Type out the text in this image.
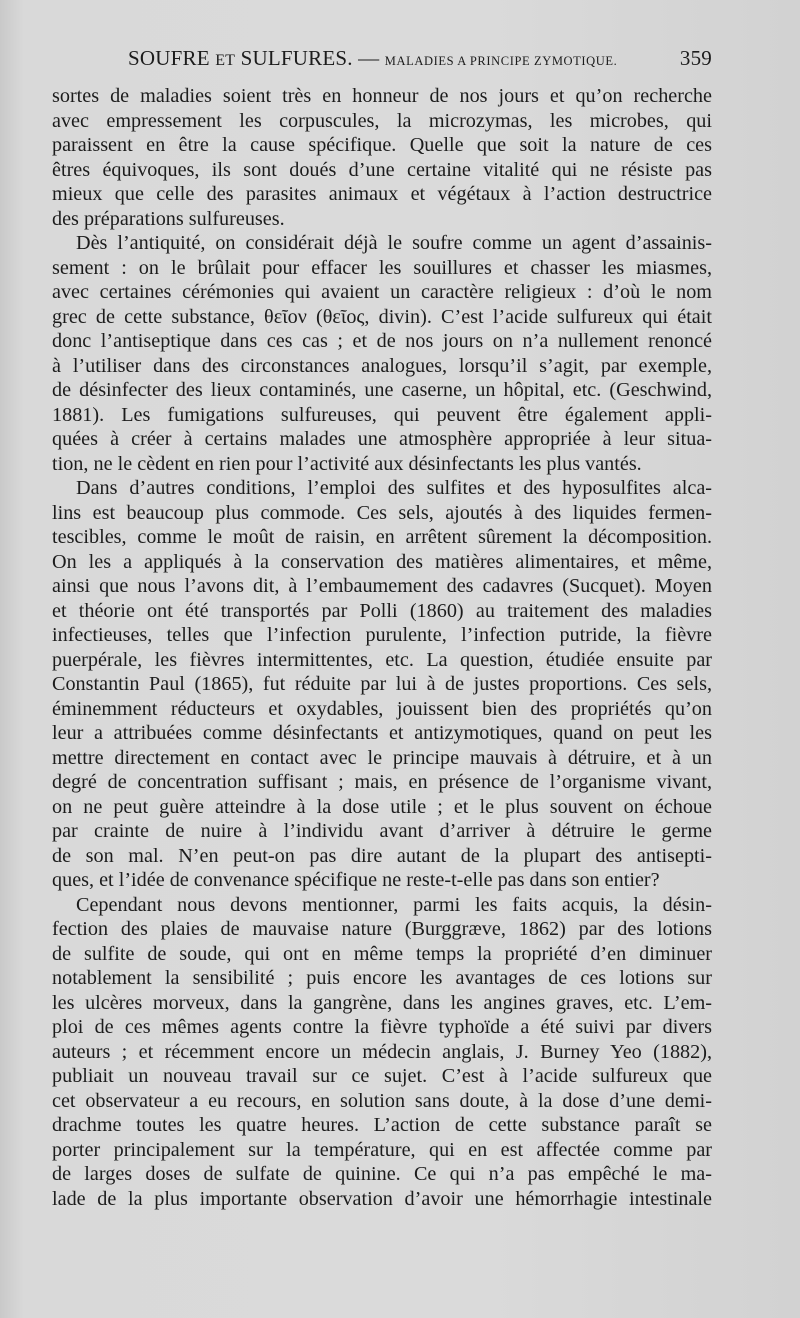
SOUFRE ET SULFURES. — MALADIES A PRINCIPE ZYMOTIQUE.	359
sortes de maladies soient très en honneur de nos jours et qu’on recherche
avec empressement les corpuscules, la microzymas, les microbes, qui
paraissent en être la cause spécifique. Quelle que soit la nature de ces
êtres équivoques, ils sont doués d’une certaine vitalité qui ne résiste pas
mieux que celle des parasites animaux et végétaux à l’action destructrice
des préparations sulfureuses.
Dès l’antiquité, on considérait déjà le soufre comme un agent d’assainis-
sement : on le brûlait pour effacer les souillures et chasser les miasmes,
avec certaines cérémonies qui avaient un caractère religieux : d’où le nom
grec de cette substance, θεῖον (θεῖος, divin). C’est l’acide sulfureux qui était
donc l’antiseptique dans ces cas ; et de nos jours on n’a nullement renoncé
à l’utiliser dans des circonstances analogues, lorsqu’il s’agit, par exemple,
de désinfecter des lieux contaminés, une caserne, un hôpital, etc. (Geschwind,
1881). Les fumigations sulfureuses, qui peuvent être également appli-
quées à créer à certains malades une atmosphère appropriée à leur situa-
tion, ne le cèdent en rien pour l’activité aux désinfectants les plus vantés.
Dans d’autres conditions, l’emploi des sulfites et des hyposulfites alca-
lins est beaucoup plus commode. Ces sels, ajoutés à des liquides fermen-
tescibles, comme le moût de raisin, en arrêtent sûrement la décomposition.
On les a appliqués à la conservation des matières alimentaires, et même,
ainsi que nous l’avons dit, à l’embaumement des cadavres (Sucquet). Moyen
et théorie ont été transportés par Polli (1860) au traitement des maladies
infectieuses, telles que l’infection purulente, l’infection putride, la fièvre
puerpérale, les fièvres intermittentes, etc. La question, étudiée ensuite par
Constantin Paul (1865), fut réduite par lui à de justes proportions. Ces sels,
éminemment réducteurs et oxydables, jouissent bien des propriétés qu’on
leur a attribuées comme désinfectants et antizymotiques, quand on peut les
mettre directement en contact avec le principe mauvais à détruire, et à un
degré de concentration suffisant ; mais, en présence de l’organisme vivant,
on ne peut guère atteindre à la dose utile ; et le plus souvent on échoue
par crainte de nuire à l’individu avant d’arriver à détruire le germe
de son mal. N’en peut-on pas dire autant de la plupart des antisepti-
ques, et l’idée de convenance spécifique ne reste-t-elle pas dans son entier?
Cependant nous devons mentionner, parmi les faits acquis, la désin-
fection des plaies de mauvaise nature (Burggræve, 1862) par des lotions
de sulfite de soude, qui ont en même temps la propriété d’en diminuer
notablement la sensibilité ; puis encore les avantages de ces lotions sur
les ulcères morveux, dans la gangrène, dans les angines graves, etc. L’em-
ploi de ces mêmes agents contre la fièvre typhoïde a été suivi par divers
auteurs ; et récemment encore un médecin anglais, J. Burney Yeo (1882),
publiait un nouveau travail sur ce sujet. C’est à l’acide sulfureux que
cet observateur a eu recours, en solution sans doute, à la dose d’une demi-
drachme toutes les quatre heures. L’action de cette substance paraît se
porter principalement sur la température, qui en est affectée comme par
de larges doses de sulfate de quinine. Ce qui n’a pas empêché le ma-
lade de la plus importante observation d’avoir une hémorrhagie intestinale
